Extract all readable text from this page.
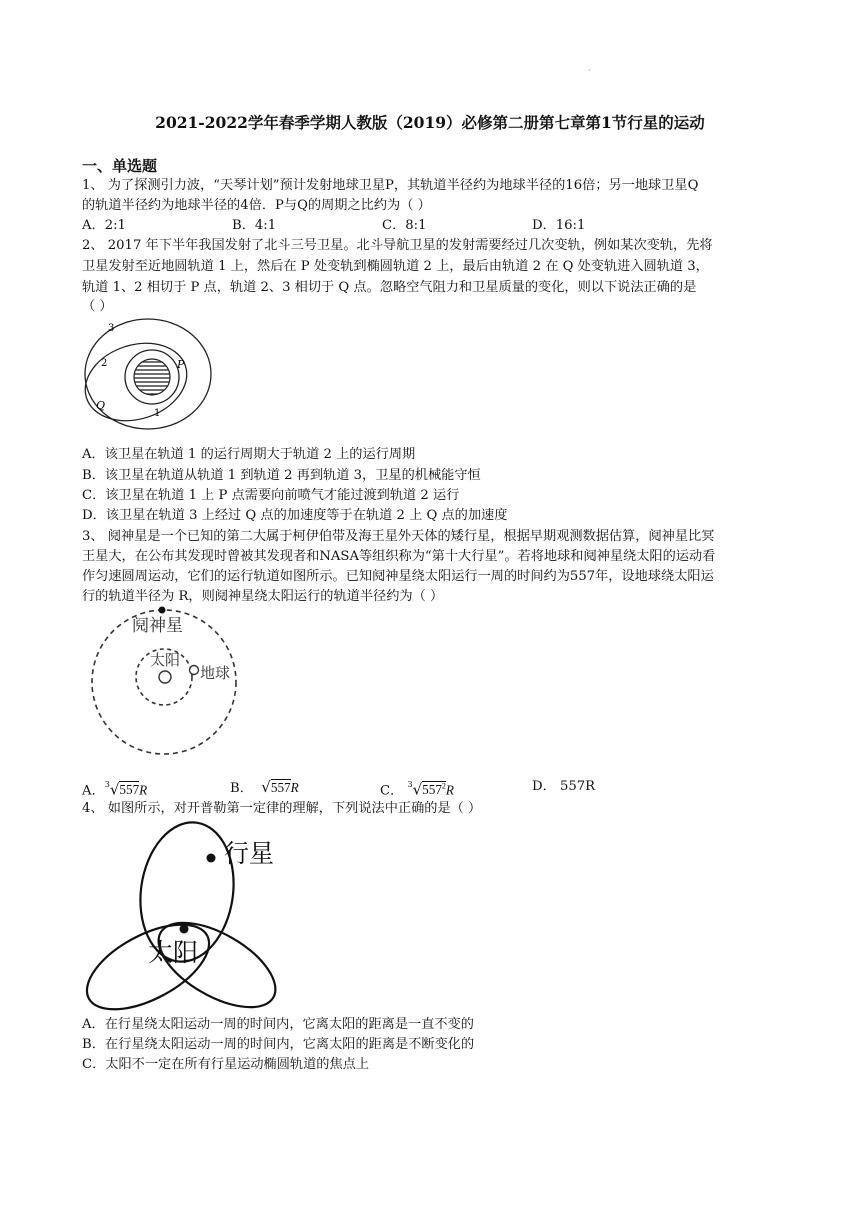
·
2021-2022学年春季学期人教版（2019）必修第二册第七章第1节行星的运动
一、单选题
1、 为了探测引力波，“天琴计划”预计发射地球卫星P，其轨道半径约为地球半径的16倍；另一地球卫星Q
的轨道半径约为地球半径的4倍．P与Q的周期之比约为（ ）
A．2:1	B．4:1	C．8:1	D．16:1
2、 2017 年下半年我国发射了北斗三号卫星。北斗导航卫星的发射需要经过几次变轨，例如某次变轨，先将
卫星发射至近地圆轨道 1 上，然后在 P 处变轨到椭圆轨道 2 上，最后由轨道 2 在 Q 处变轨进入圆轨道 3，
轨道 1、2 相切于 P 点，轨道 2、3 相切于 Q 点。忽略空气阻力和卫星质量的变化，则以下说法正确的是
（ ）
3
2
1
P
Q
A．该卫星在轨道 1 的运行周期大于轨道 2 上的运行周期
B．该卫星在轨道从轨道 1 到轨道 2 再到轨道 3，卫星的机械能守恒
C．该卫星在轨道 1 上 P 点需要向前喷气才能过渡到轨道 2 运行
D．该卫星在轨道 3 上经过 Q 点的加速度等于在轨道 2 上 Q 点的加速度
3、 阋神星是一个已知的第二大属于柯伊伯带及海王星外天体的矮行星，根据早期观测数据估算，阋神星比冥
王星大，在公布其发现时曾被其发现者和NASA等组织称为“第十大行星”。若将地球和阋神星绕太阳的运动看
作匀速圆周运动，它们的运行轨道如图所示。已知阋神星绕太阳运行一周的时间约为557年，设地球绕太阳运
行的轨道半径为 R，则阋神星绕太阳运行的轨道半径约为（ ）
阋神星
太阳
地球
A．$^3$√557R	B． √557R	C． $^3√557^2R$	D． 557R
4、 如图所示，对开普勒第一定律的理解，下列说法中正确的是（ ）
行星
太阳
A．在行星绕太阳运动一周的时间内，它离太阳的距离是一直不变的
B．在行星绕太阳运动一周的时间内，它离太阳的距离是不断变化的
C．太阳不一定在所有行星运动椭圆轨道的焦点上
